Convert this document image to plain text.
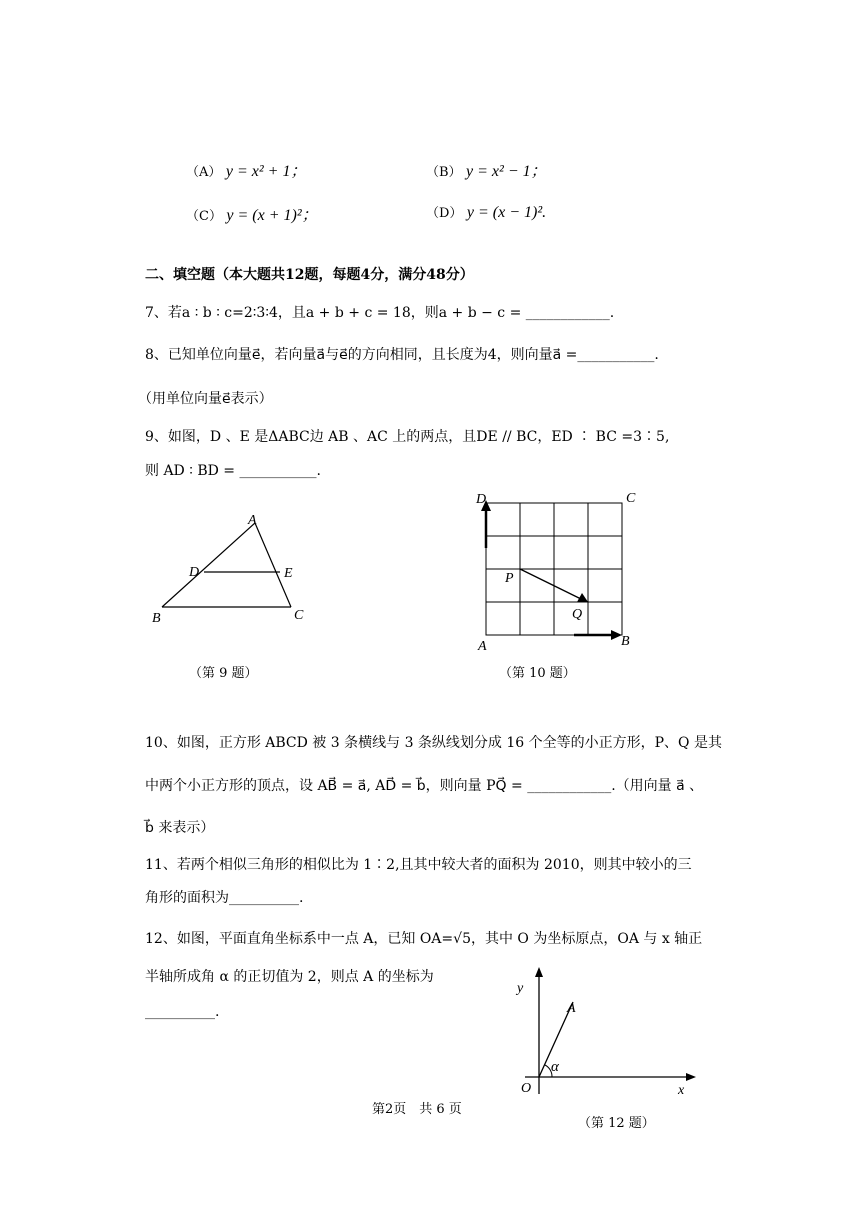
（A） y = x² + 1；	（B） y = x² − 1；
（C） y = (x + 1)²；	（D） y = (x − 1)².
二、填空题（本大题共12题，每题4分，满分48分）
7、若a ∶ b ∶ c=2∶3∶4，且a + b + c = 18，则a + b − c = ____________.
8、已知单位向量e⃗，若向量a⃗与e⃗的方向相同，且长度为4，则向量a⃗ =___________.
（用单位向量e⃗表示）
9、如图，D 、E 是ΔABC边 AB 、AC 上的两点，且DE // BC，ED ∶ BC =3∶5,
则 AD ∶ BD = ___________.
A
D	E
B	C
（第 9 题）
D	C
P
Q
A	B
（第 10 题）
10、如图，正方形 ABCD 被 3 条横线与 3 条纵线划分成 16 个全等的小正方形，P、Q 是其
中两个小正方形的顶点，设 AB⃗ = a⃗, AD⃗ = b⃗，则向量 PQ⃗ = ____________.（用向量 a⃗ 、
b⃗ 来表示）
11、若两个相似三角形的相似比为 1∶2,且其中较大者的面积为 2010，则其中较小的三
角形的面积为__________.
12、如图，平面直角坐标系中一点 A，已知 OA=√5，其中 O 为坐标原点，OA 与 x 轴正
半轴所成角 α 的正切值为 2，则点 A 的坐标为
__________.
y
x
O
A
α
（第 12 题）
第2页　共 6 页
